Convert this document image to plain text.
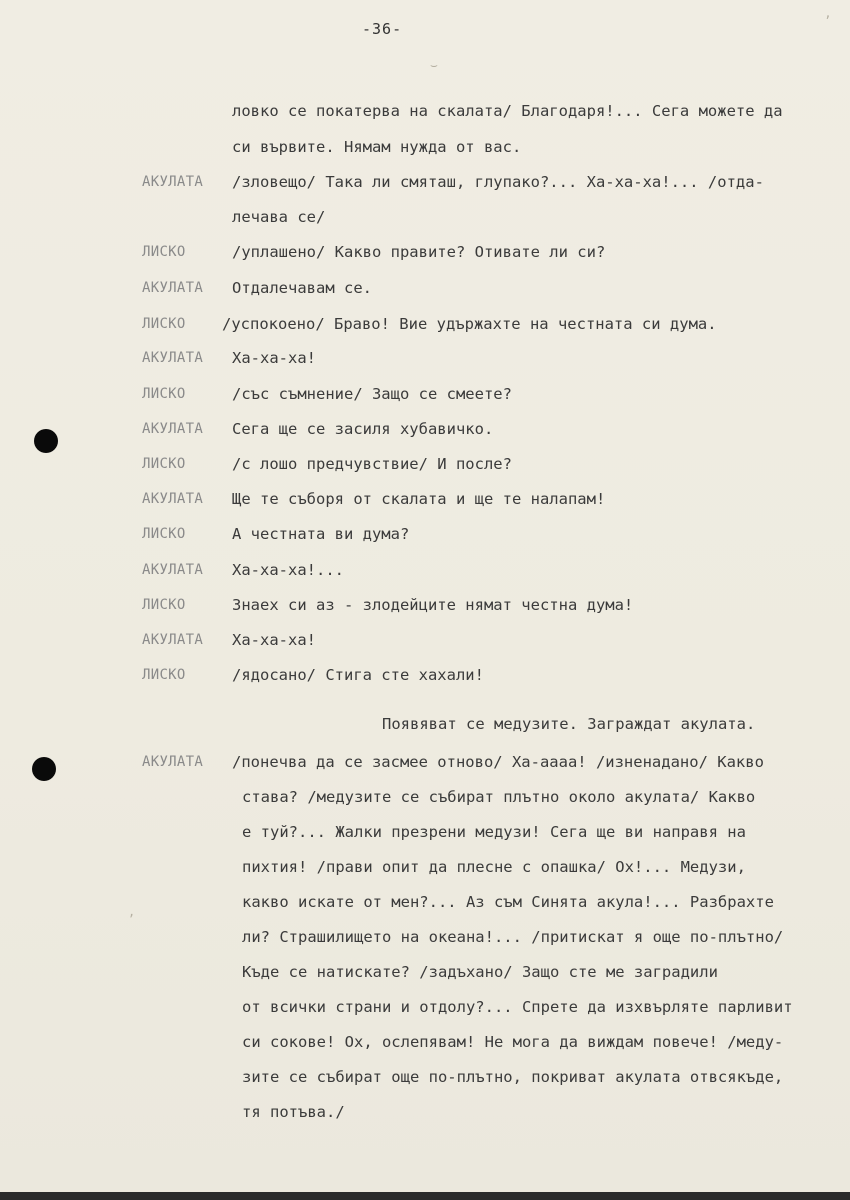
-36-	ʼ
⌣
,
ловко се покатерва на скалата/ Благодаря!... Сега можете да
си вървите. Нямам нужда от вас.
АКУЛАТА /зловещо/ Така ли смяташ, глупако?... Ха-ха-ха!... /отда-
лечава се/
ЛИСКО	/уплашено/ Какво правите? Отивате ли си?
АКУЛАТА Отдалечавам се.
ЛИСКО /успокоено/ Браво! Вие удържахте на честната си дума.
АКУЛАТА Ха-ха-ха!
ЛИСКО	/със съмнение/ Защо се смеете?
АКУЛАТА Сега ще се засиля хубавичко.
ЛИСКО	/с лошо предчувствие/ И после?
АКУЛАТА Ще те съборя от скалата и ще те налапам!
ЛИСКО	А честната ви дума?
АКУЛАТА Ха-ха-ха!...
ЛИСКО	Знаех си аз - злодейците нямат честна дума!
АКУЛАТА Ха-ха-ха!
ЛИСКО	/ядосано/ Стига сте хахали!
Появяват се медузите. Заграждат акулата.
АКУЛАТА /понечва да се засмее отново/ Ха-аааа! /изненадано/ Какво
става? /медузите се събират плътно около акулата/ Какво
е туй?... Жалки презрени медузи! Сега ще ви направя на
пихтия! /прави опит да плесне с опашка/ Ох!... Медузи,
какво искате от мен?... Аз съм Синята акула!... Разбрахте
ли? Страшилището на океана!... /притискат я още по-плътно/
Къде се натискате? /задъхано/ Защо сте ме заградили
от всички страни и отдолу?... Спрете да изхвърляте парливит
си сокове! Ох, ослепявам! Не мога да виждам повече! /меду-
зите се събират още по-плътно, покриват акулата отвсякъде,
тя потъва./
